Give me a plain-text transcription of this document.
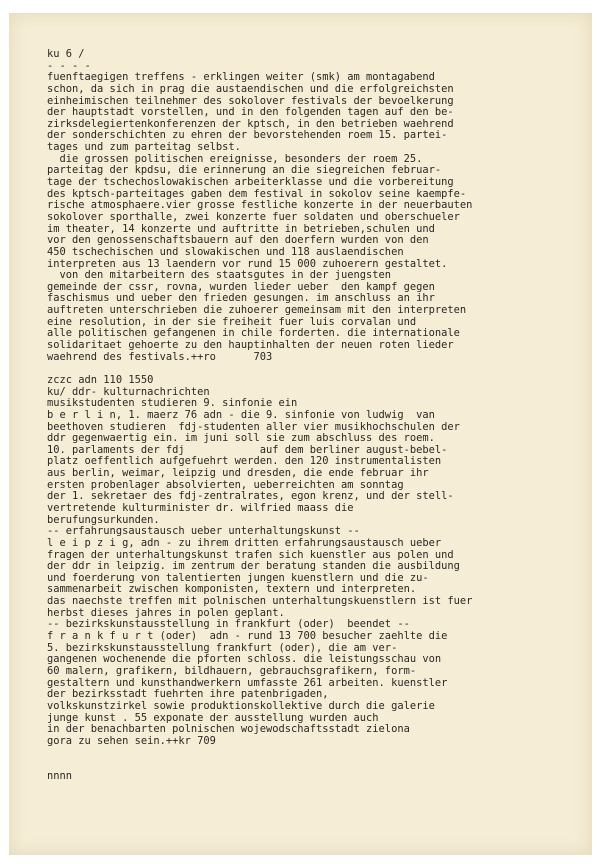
ku 6 /
- - - -
fuenftaegigen treffens - erklingen weiter (smk) am montagabend
schon, da sich in prag die austaendischen und die erfolgreichsten
einheimischen teilnehmer des sokolover festivals der bevoelkerung
der hauptstadt vorstellen, und in den folgenden tagen auf den be-
zirksdelegiertenkonferenzen der kptsch, in den betrieben waehrend
der sonderschichten zu ehren der bevorstehenden roem 15. partei-
tages und zum parteitag selbst.
die grossen politischen ereignisse, besonders der roem 25.
parteitag der kpdsu, die erinnerung an die siegreichen februar-
tage der tschechoslowakischen arbeiterklasse und die vorbereitung
des kptsch-parteitages gaben dem festival in sokolov seine kaempfe-
rische atmosphaere.vier grosse festliche konzerte in der neuerbauten
sokolover sporthalle, zwei konzerte fuer soldaten und oberschueler
im theater, 14 konzerte und auftritte in betrieben,schulen und
vor den genossenschaftsbauern auf den doerfern wurden von den
450 tschechischen und slowakischen und 118 auslaendischen
interpreten aus 13 laendern vor rund 15 000 zuhoerern gestaltet.
von den mitarbeitern des staatsgutes in der juengsten
gemeinde der cssr, rovna, wurden lieder ueber  den kampf gegen
faschismus und ueber den frieden gesungen. im anschluss an ihr
auftreten unterschrieben die zuhoerer gemeinsam mit den interpreten
eine resolution, in der sie freiheit fuer luis corvalan und
alle politischen gefangenen in chile forderten. die internationale
solidaritaet gehoerte zu den hauptinhalten der neuen roten lieder
waehrend des festivals.++ro      703
zczc adn 110 1550
ku/ ddr- kulturnachrichten
musikstudenten studieren 9. sinfonie ein
b e r l i n, 1. maerz 76 adn - die 9. sinfonie von ludwig  van
beethoven studieren  fdj-studenten aller vier musikhochschulen der
ddr gegenwaertig ein. im juni soll sie zum abschluss des roem.
10. parlaments der fdj            auf dem berliner august-bebel-
platz oeffentlich aufgefuehrt werden. den 120 instrumentalisten
aus berlin, weimar, leipzig und dresden, die ende februar ihr
ersten probenlager absolvierten, ueberreichten am sonntag
der 1. sekretaer des fdj-zentralrates, egon krenz, und der stell-
vertretende kulturminister dr. wilfried maass die
berufungsurkunden.
-- erfahrungsaustausch ueber unterhaltungskunst --
l e i p z i g, adn - zu ihrem dritten erfahrungsaustausch ueber
fragen der unterhaltungskunst trafen sich kuenstler aus polen und
der ddr in leipzig. im zentrum der beratung standen die ausbildung
und foerderung von talentierten jungen kuenstlern und die zu-
sammenarbeit zwischen komponisten, textern und interpreten.
das naechste treffen mit polnischen unterhaltungskuenstlern ist fuer
herbst dieses jahres in polen geplant.
-- bezirkskunstausstellung in frankfurt (oder)  beendet --
f r a n k f u r t (oder)  adn - rund 13 700 besucher zaehlte die
5. bezirkskunstausstellung frankfurt (oder), die am ver-
gangenen wochenende die pforten schloss. die leistungsschau von
60 malern, grafikern, bildhauern, gebrauchsgrafikern, form-
gestaltern und kunsthandwerkern umfasste 261 arbeiten. kuenstler
der bezirksstadt fuehrten ihre patenbrigaden,
volkskunstzirkel sowie produktionskollektive durch die galerie
junge kunst . 55 exponate der ausstellung wurden auch
in der benachbarten polnischen wojewodschaftsstadt zielona
gora zu sehen sein.++kr 709
nnnn
